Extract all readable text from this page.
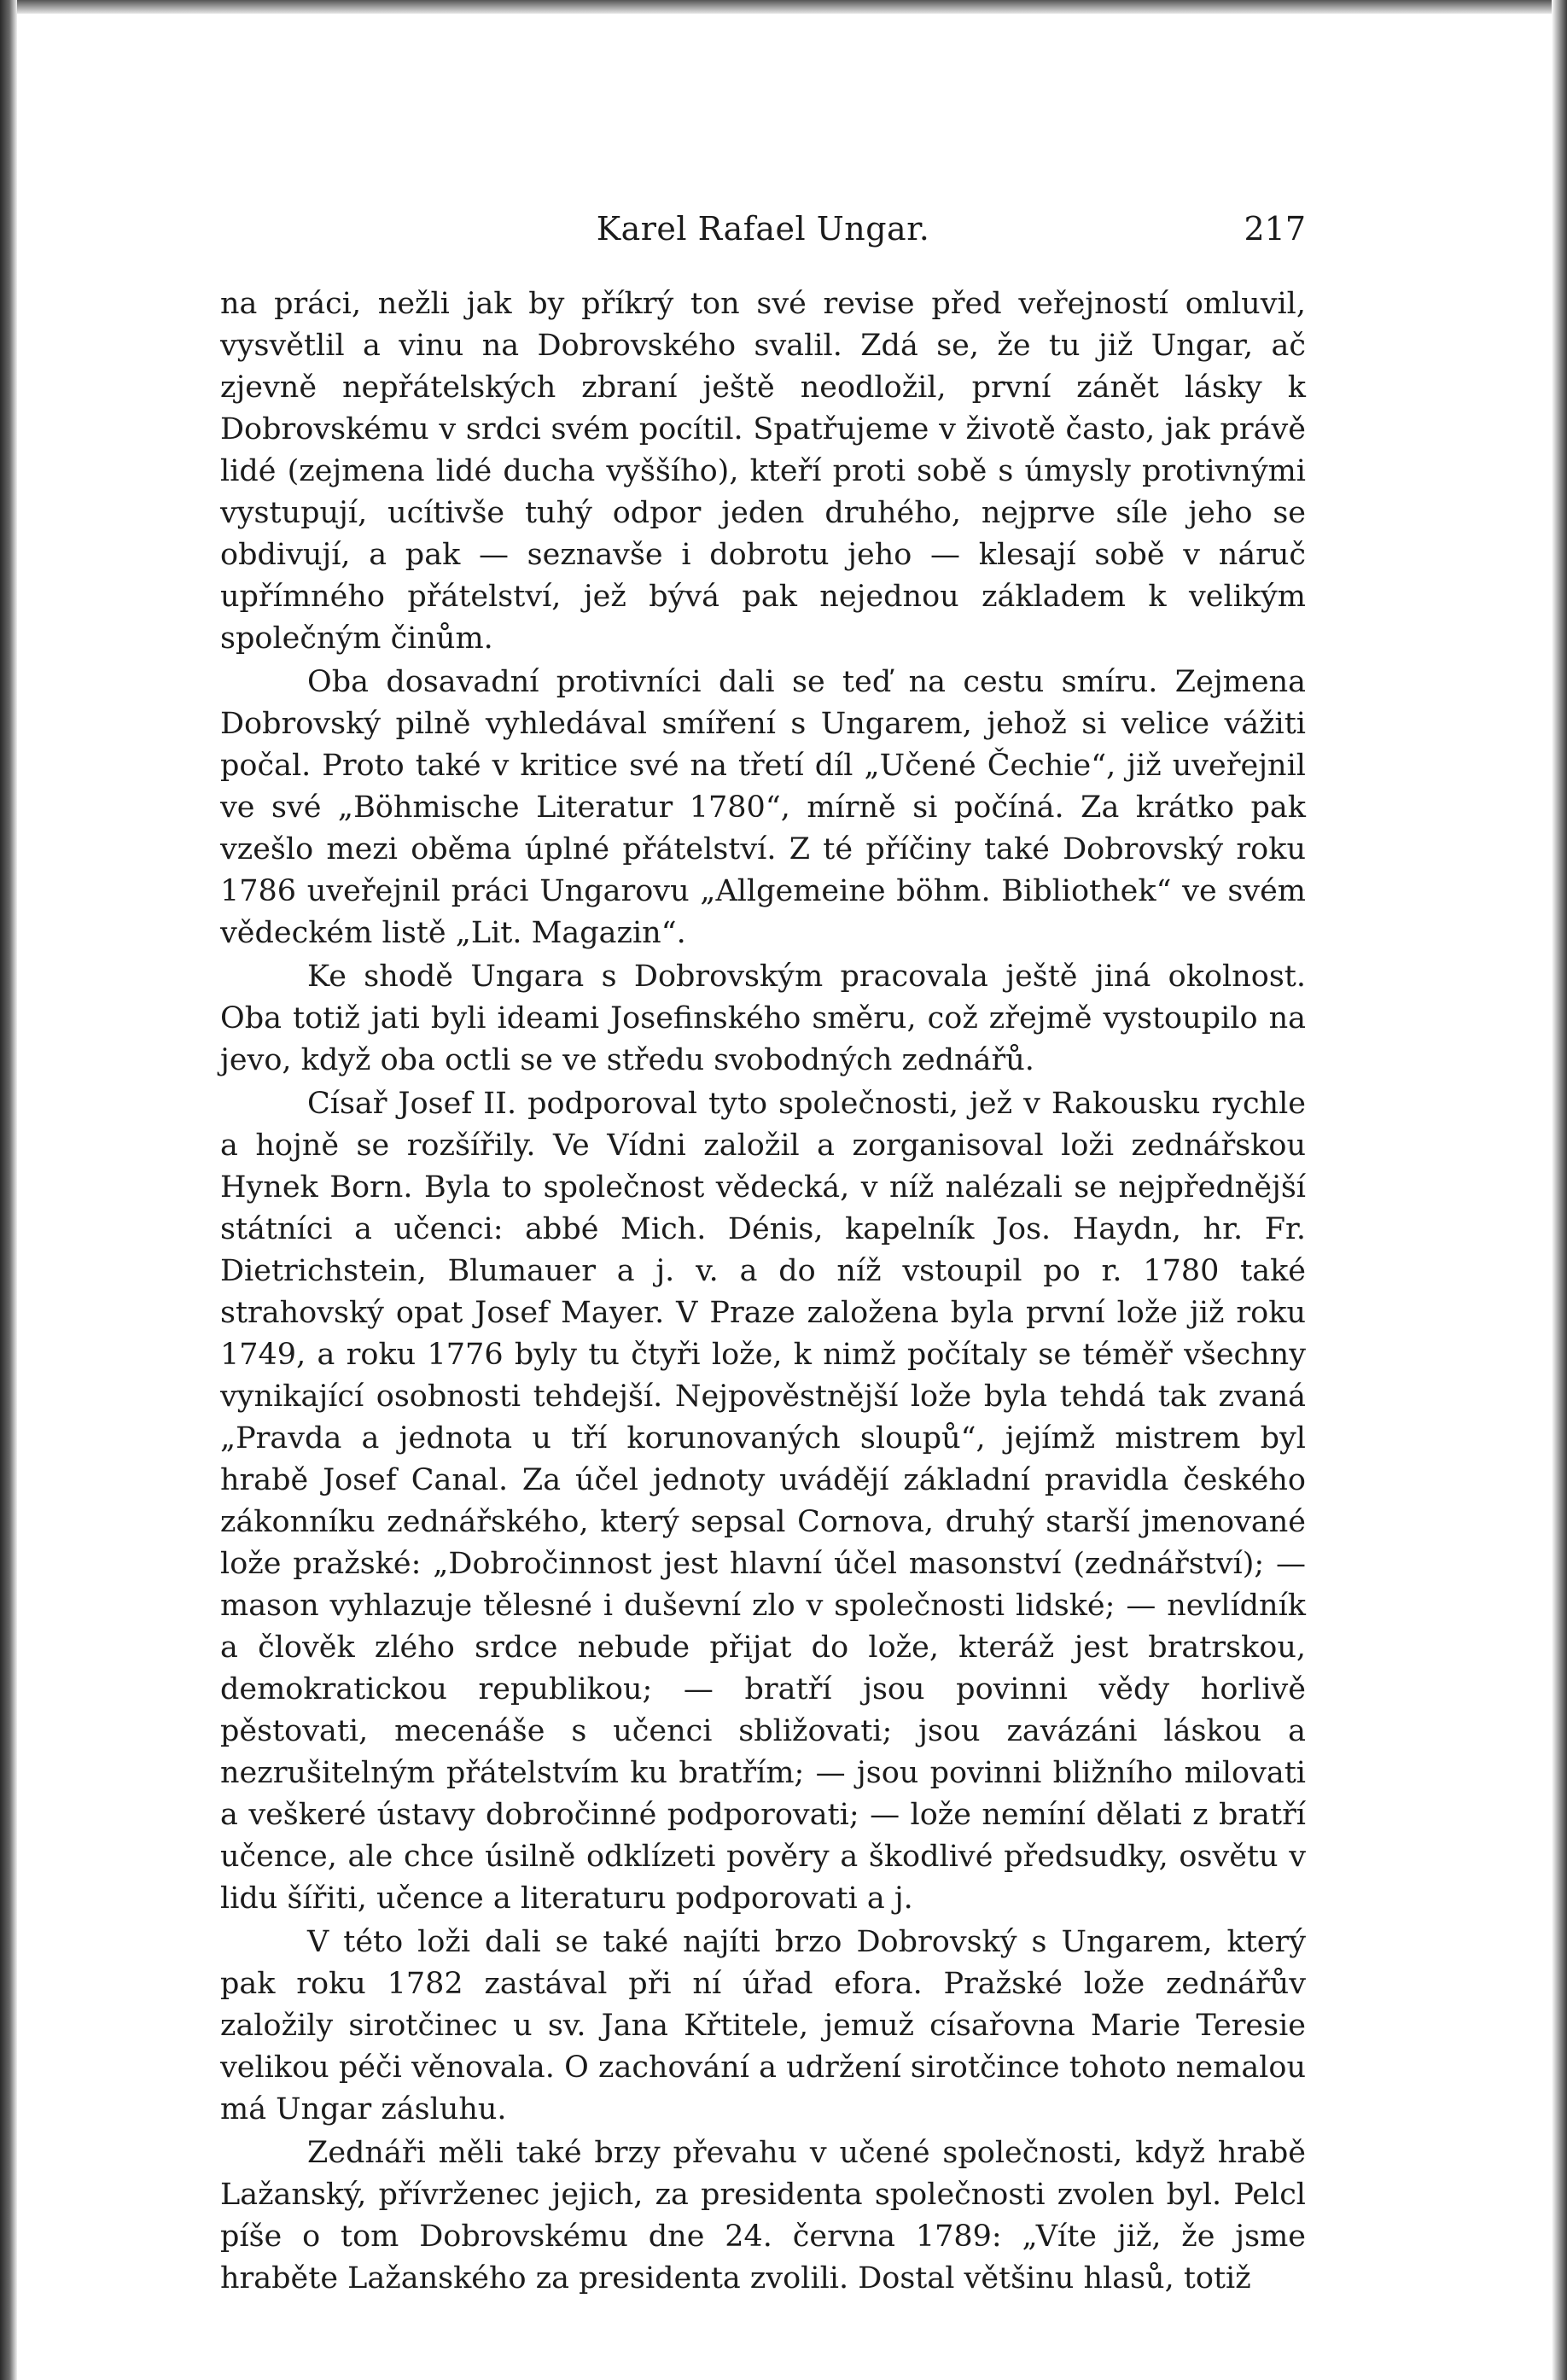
Karel Rafael Ungar.	217

na práci, nežli jak by příkrý ton své revise před veřejností omluvil, vysvětlil a vinu na Dobrovského svalil. Zdá se, že tu již Ungar, ač zjevně nepřátelských zbraní ještě neodložil, první zánět lásky k Dobrovskému v srdci svém pocítil. Spatřujeme v životě často, jak právě lidé (zejmena lidé ducha vyššího), kteří proti sobě s úmysly protivnými vystupují, ucítivše tuhý odpor jeden druhého, nejprve síle jeho se obdivují, a pak — seznavše i dobrotu jeho — klesají sobě v náruč upřímného přátelství, jež bývá pak nejednou základem k velikým společným činům.

Oba dosavadní protivníci dali se teď na cestu smíru. Zejmena Dobrovský pilně vyhledával smíření s Ungarem, jehož si velice vážiti počal. Proto také v kritice své na třetí díl „Učené Čechie“, již uveřejnil ve své „Böhmische Literatur 1780“, mírně si počíná. Za krátko pak vzešlo mezi oběma úplné přátelství. Z té příčiny také Dobrovský roku 1786 uveřejnil práci Ungarovu „Allgemeine böhm. Bibliothek“ ve svém vědeckém listě „Lit. Magazin“.

Ke shodě Ungara s Dobrovským pracovala ještě jiná okolnost. Oba totiž jati byli ideami Josefinského směru, což zřejmě vystoupilo na jevo, když oba octli se ve středu svobodných zednářů.

Císař Josef II. podporoval tyto společnosti, jež v Rakousku rychle a hojně se rozšířily. Ve Vídni založil a zorganisoval loži zednářskou Hynek Born. Byla to společnost vědecká, v níž nalézali se nejpřednější státníci a učenci: abbé Mich. Dénis, kapelník Jos. Haydn, hr. Fr. Dietrichstein, Blumauer a j. v. a do níž vstoupil po r. 1780 také strahovský opat Josef Mayer. V Praze založena byla první lože již roku 1749, a roku 1776 byly tu čtyři lože, k nimž počítaly se téměř všechny vynikající osobnosti tehdejší. Nejpověstnější lože byla tehdá tak zvaná „Pravda a jednota u tří korunovaných sloupů“, jejímž mistrem byl hrabě Josef Canal. Za účel jednoty uvádějí základní pravidla českého zákonníku zednářského, který sepsal Cornova, druhý starší jmenované lože pražské: „Dobročinnost jest hlavní účel masonství (zednářství); — mason vyhlazuje tělesné i duševní zlo v společnosti lidské; — nevlídník a člověk zlého srdce nebude přijat do lože, kteráž jest bratrskou, demokratickou republikou; — bratří jsou povinni vědy horlivě pěstovati, mecenáše s učenci sbližovati; jsou zavázáni láskou a nezrušitelným přátelstvím ku bratřím; — jsou povinni bližního milovati a veškeré ústavy dobročinné podporovati; — lože nemíní dělati z bratří učence, ale chce úsilně odklízeti pověry a škodlivé předsudky, osvětu v lidu šířiti, učence a literaturu podporovati a j.

V této loži dali se také najíti brzo Dobrovský s Ungarem, který pak roku 1782 zastával při ní úřad efora. Pražské lože zednářův založily sirotčinec u sv. Jana Křtitele, jemuž císařovna Marie Teresie velikou péči věnovala. O zachování a udržení sirotčince tohoto nemalou má Ungar zásluhu.

Zednáři měli také brzy převahu v učené společnosti, když hrabě Lažanský, přívrženec jejich, za presidenta společnosti zvolen byl. Pelcl píše o tom Dobrovskému dne 24. června 1789: „Víte již, že jsme hraběte Lažanského za presidenta zvolili. Dostal většinu hlasů, totiž
